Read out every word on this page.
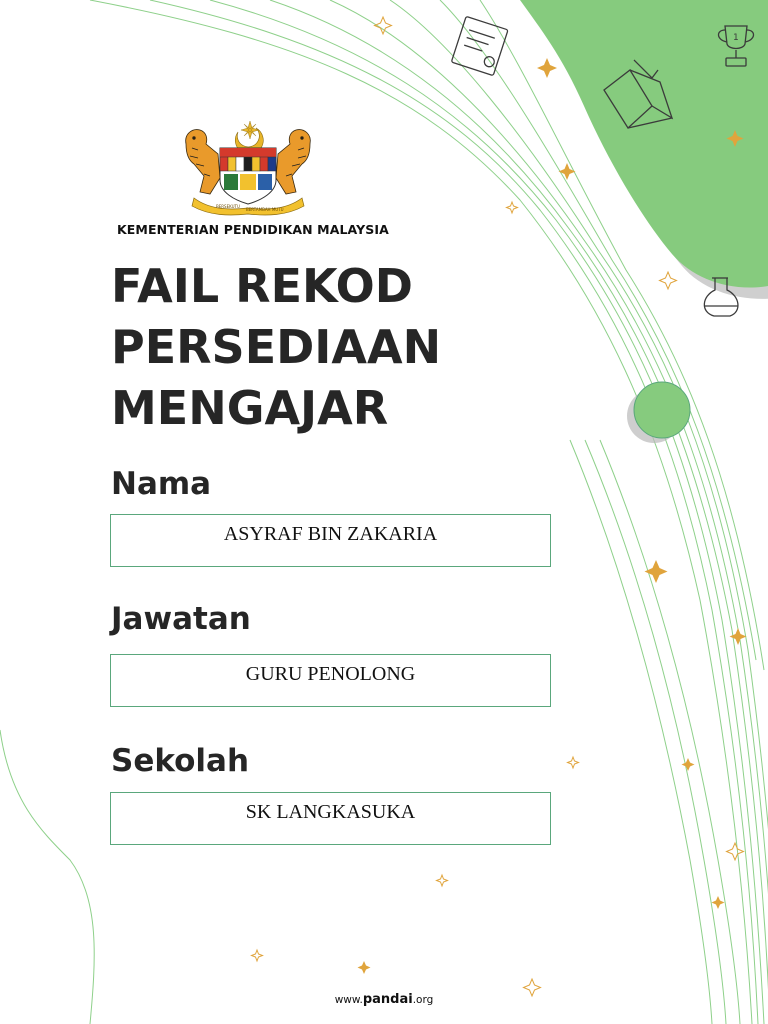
1
BERSEKUTU
BERTAMBAH MUTU

KEMENTERIAN PENDIDIKAN MALAYSIA

FAIL REKOD
PERSEDIAAN
MENGAJAR
Nama
ASYRAF BIN ZAKARIA
Jawatan
GURU PENOLONG
Sekolah
SK LANGKASUKA

www.pandai.org
